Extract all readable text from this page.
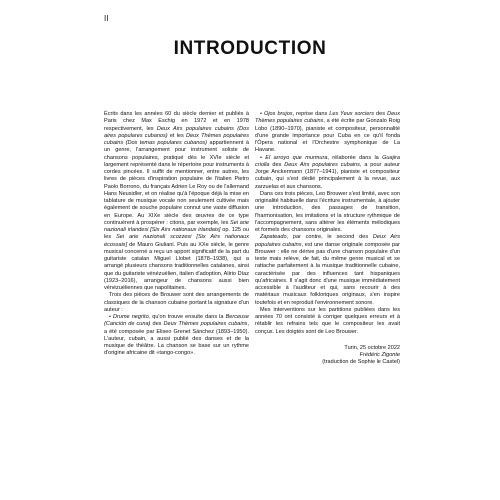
II
INTRODUCTION

Écrits dans les années 60 du siècle dernier et publiés à Paris chez Max Eschig en 1972 et en 1978 respectivement, les Deux Airs populaires cubains (Dos aires populares cubanos) et les Deux Thèmes populaires cubains (Dos temas populares cubanos) appartiennent à un genre, l'arrangement pour instrument soliste de chansons populaires, pratiqué dès le XVIe siècle et largement représenté dans le répertoire pour instruments à cordes pincées. Il suffit de mentionner, entre autres, les livres de pièces d'inspiration populaire de l'italien Pietro Paolo Borrono, du français Adrien Le Roy ou de l'allemand Hans Neusidler, et on réalise qu'à l'époque déjà la mise en tablature de musique vocale non seulement cultivée mais également de souche populaire connut une vaste diffusion en Europe. Au XIXe siècle des œuvres de ce type continuèrent à prospérer : citons, par exemple, les Sei arie nazionali irlandesi [Six Airs nationaux irlandais] op. 125 ou les Sei arie nazionali scozzesi [Six Airs nationaux écossais] de Mauro Giuliani. Puis au XXe siècle, le genre musical concerné a reçu un apport significatif de la part du guitariste catalan Miguel Llobet (1878–1938), qui a arrangé plusieurs chansons traditionnelles catalanes, ainsi que du guitariste vénézuélien, italien d'adoption, Alirio Díaz (1923–2016), arrangeur de chansons aussi bien vénézuéliennes que napolitaines.

Trois des pièces de Brouwer sont des arrangements de classiques de la chanson cubaine portant la signature d'un auteur :

• Drume negrito, qu'on trouve ensuite dans la Berceuse (Canción de cuna) des Deux Thèmes populaires cubains, a été composée par Eliseo Grenet Sánchez (1893–1950). L'auteur, cubain, a aussi publié des danses et de la musique de théâtre. La chanson se base sur un rythme d'origine africaine dit «tango-congo».

• Ojos brujos, reprise dans Les Yeux sorciers des Deux Thèmes populaires cubains, a été écrite par Gonzalo Roig Lobo (1890–1970), pianiste et compositeur, personnalité d'une grande importance pour Cuba en ce qu'il fonda l'Ópera national et l'Orchestre symphonique de La Havane.

• El arroyo que murmura, rélaborée dans la Guajira criolla des Deux Airs populaires cubains, a pour auteur Jorge Anckermann (1877–1941), pianiste et compositeur cubain, qui s'est dédié principalement à la revue, aux zarzuelas et aux chansons.

Dans ces trois pièces, Leo Brouwer s'est limité, avec son originalité habituelle dans l'écriture instrumentale, à ajouter une introduction, des passages de transition, l'harmonisation, les imitations et la structure rythmique de l'accompagnement, sans altérer les éléments mélodiques et formels des chansons originales.

Zapateado, par contre, le second des Deux Airs populaires cubains, est une danse originale composée par Brouwer : elle ne dérive pas d'une chanson populaire d'un texte mais relève, de fait, du même genre musical et se rattache parfaitement à la musique traditionnelle cubaine, caractérisée par des influences tant hispaniques qu'africaines. Il s'agit donc d'une musique immédiatement accessible à l'auditeur et qui, sans recourir à des matériaux musicaux folkloriques originaux, s'en inspire toutefois et en reproduit l'environnement sonore.

Mes interventions sur les partitions publiées dans les années 70 ont consisté à corriger quelques erreurs et à rétablir les refrains tels que le compositeur les avait conçus. Les doigtés sont de Leo Brouwer.

Turin, 25 octobre 2022
Frédéric Zigonte
(traduction de Sophie le Castel)
